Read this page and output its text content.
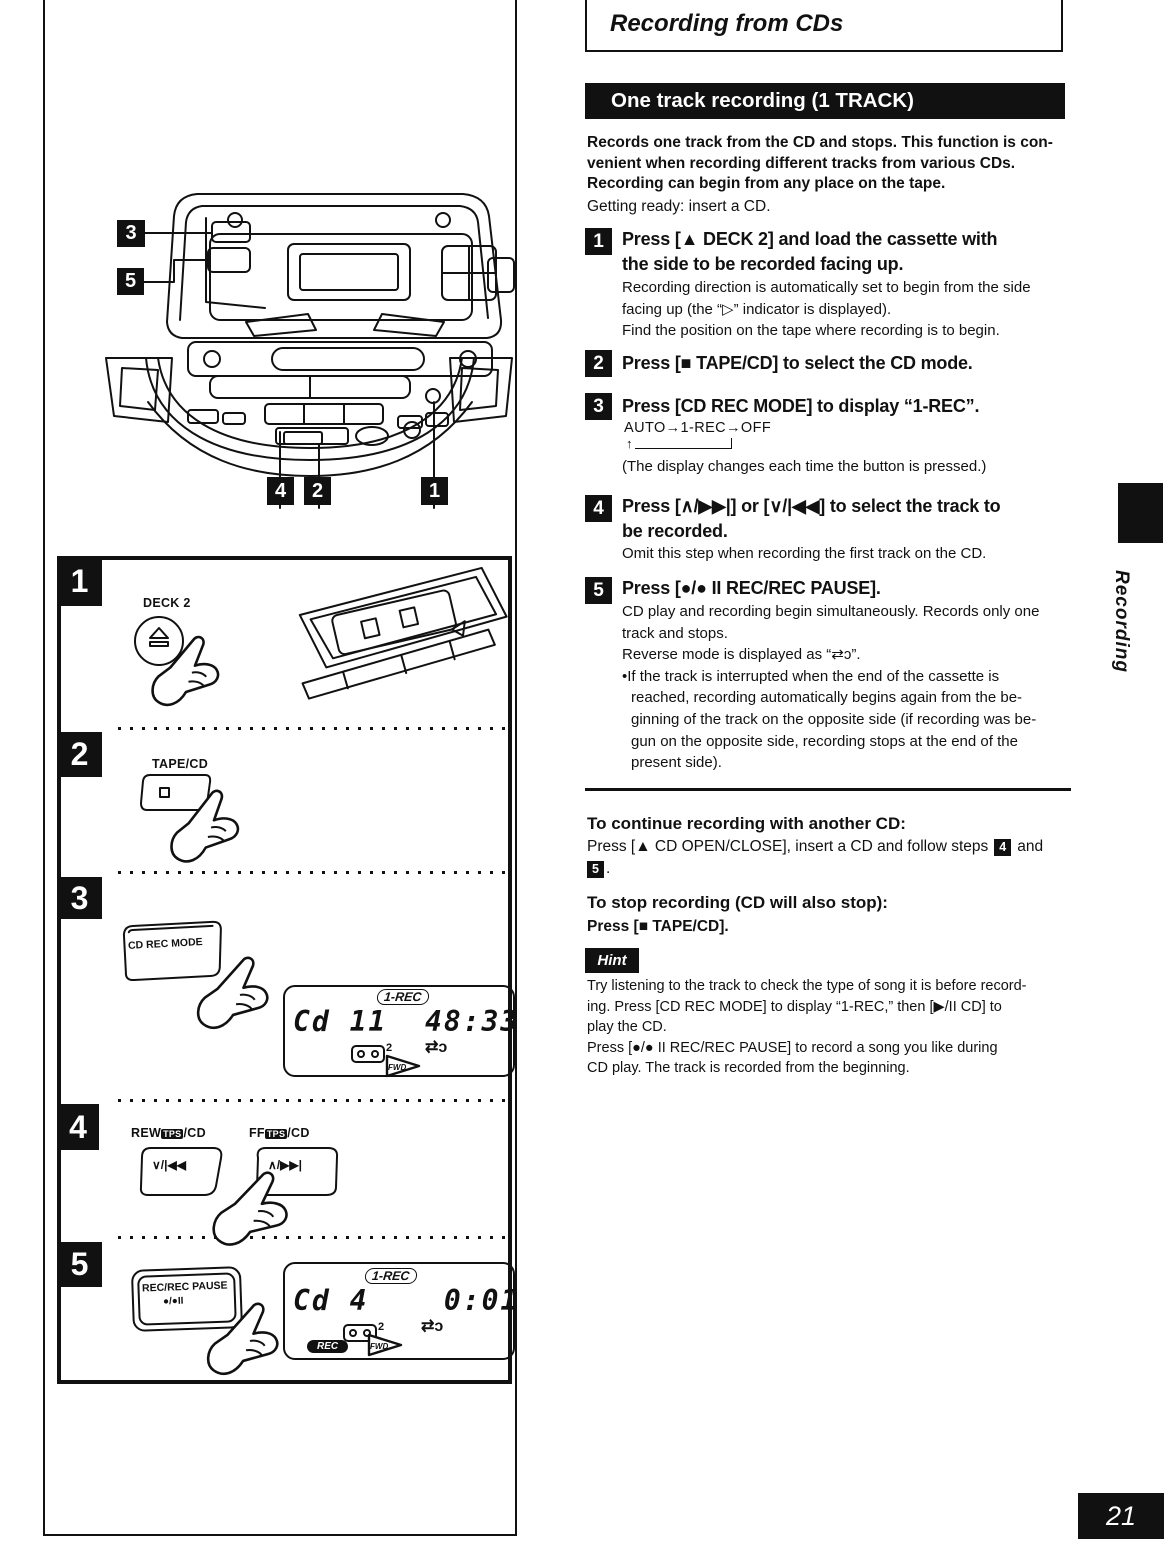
3
5
4	2	1
1
2
3
4
5
DECK 2
TAPE/CD
CD REC MODE
1-REC
Cd 11  48:33
2 ⇄ɔ
FWD
REW TPS /CD	FF TPS /CD
∨/|◀◀	∧/▶▶|
REC/REC PAUSE
●/●II
1-REC
Cd 4    0:01
2 ⇄ɔ
REC	FWD
Recording from CDs
One track recording (1 TRACK)
Records one track from the CD and stops. This function is con-
venient when recording different tracks from various CDs.
Recording can begin from any place on the tape.
Getting ready: insert a CD.
1	Press [▲ DECK 2] and load the cassette with
the side to be recorded facing up.
Recording direction is automatically set to begin from the side
facing up (the “▷” indicator is displayed).
Find the position on the tape where recording is to begin.
2	Press [■ TAPE/CD] to select the CD mode.
3	Press [CD REC MODE] to display “1-REC”.
AUTO→1-REC→OFF
↑
(The display changes each time the button is pressed.)
4	Press [∧/▶▶|] or [∨/|◀◀] to select the track to
be recorded.
Omit this step when recording the first track on the CD.
5	Press [●/● II REC/REC PAUSE].
CD play and recording begin simultaneously. Records only one
track and stops.
Reverse mode is displayed as “⇄ɔ”.
•If the track is interrupted when the end of the cassette is
reached, recording automatically begins again from the be-
ginning of the track on the opposite side (if recording was be-
gun on the opposite side, recording stops at the end of the
present side).
To continue recording with another CD:
Press [▲ CD OPEN/CLOSE], insert a CD and follow steps 4 and
5 .
To stop recording (CD will also stop):
Press [■ TAPE/CD].
Hint
Try listening to the track to check the type of song it is before record-
ing. Press [CD REC MODE] to display “1-REC,” then [▶/II CD] to
play the CD.
Press [●/● II REC/REC PAUSE] to record a song you like during
CD play. The track is recorded from the beginning.
Recording
21
